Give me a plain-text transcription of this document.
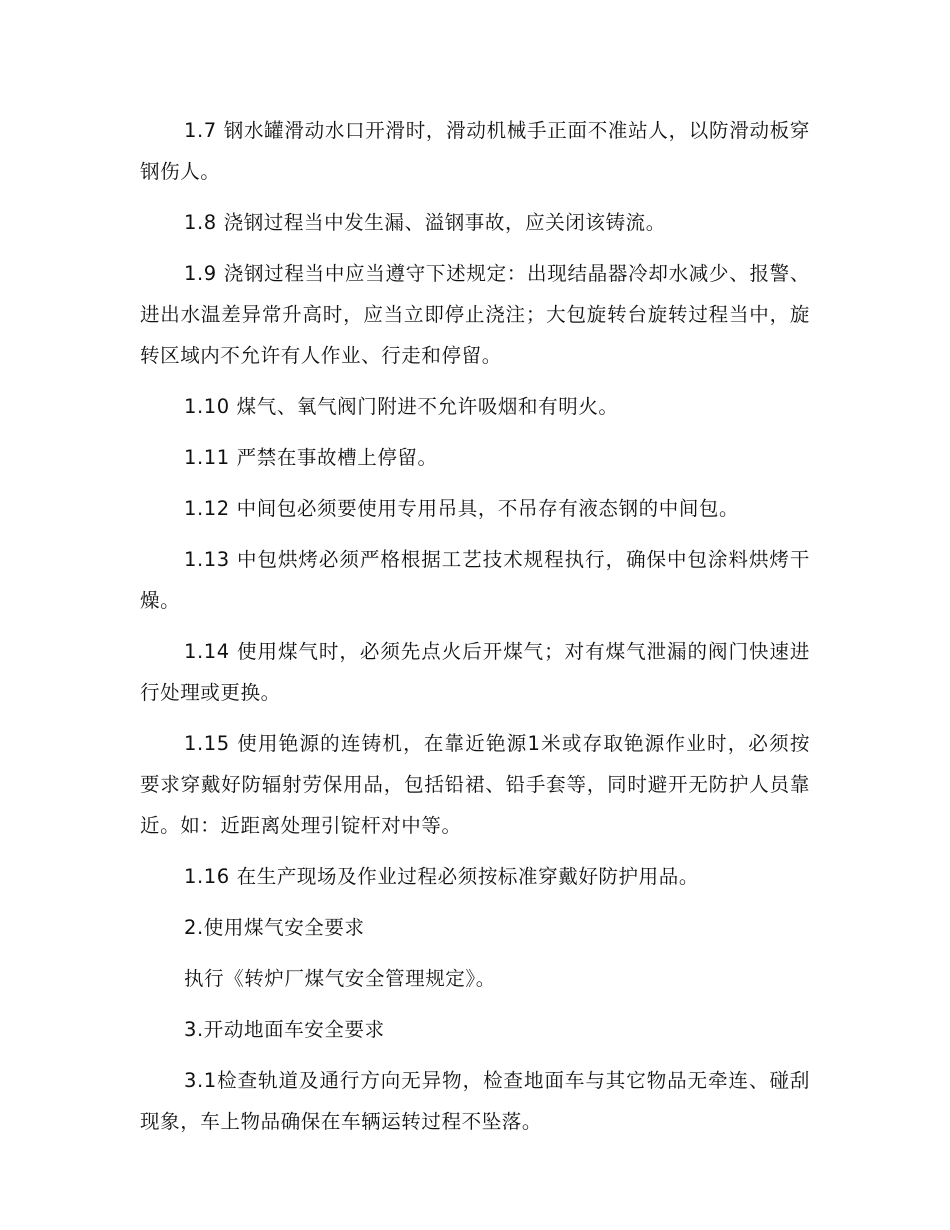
1.7 钢水罐滑动水口开滑时，滑动机械手正面不准站人，以防滑动板穿钢伤人。

1.8 浇钢过程当中发生漏、溢钢事故，应关闭该铸流。

1.9 浇钢过程当中应当遵守下述规定：出现结晶器冷却水减少、报警、进出水温差异常升高时，应当立即停止浇注；大包旋转台旋转过程当中，旋转区域内不允许有人作业、行走和停留。

1.10 煤气、氧气阀门附进不允许吸烟和有明火。

1.11 严禁在事故槽上停留。

1.12 中间包必须要使用专用吊具，不吊存有液态钢的中间包。

1.13 中包烘烤必须严格根据工艺技术规程执行，确保中包涂料烘烤干燥。

1.14 使用煤气时，必须先点火后开煤气；对有煤气泄漏的阀门快速进行处理或更换。

1.15 使用铯源的连铸机，在靠近铯源1米或存取铯源作业时，必须按要求穿戴好防辐射劳保用品，包括铅裙、铅手套等，同时避开无防护人员靠近。如：近距离处理引锭杆对中等。

1.16 在生产现场及作业过程必须按标准穿戴好防护用品。

2.使用煤气安全要求

执行《转炉厂煤气安全管理规定》。

3.开动地面车安全要求

3.1检查轨道及通行方向无异物，检查地面车与其它物品无牵连、碰刮现象，车上物品确保在车辆运转过程不坠落。
